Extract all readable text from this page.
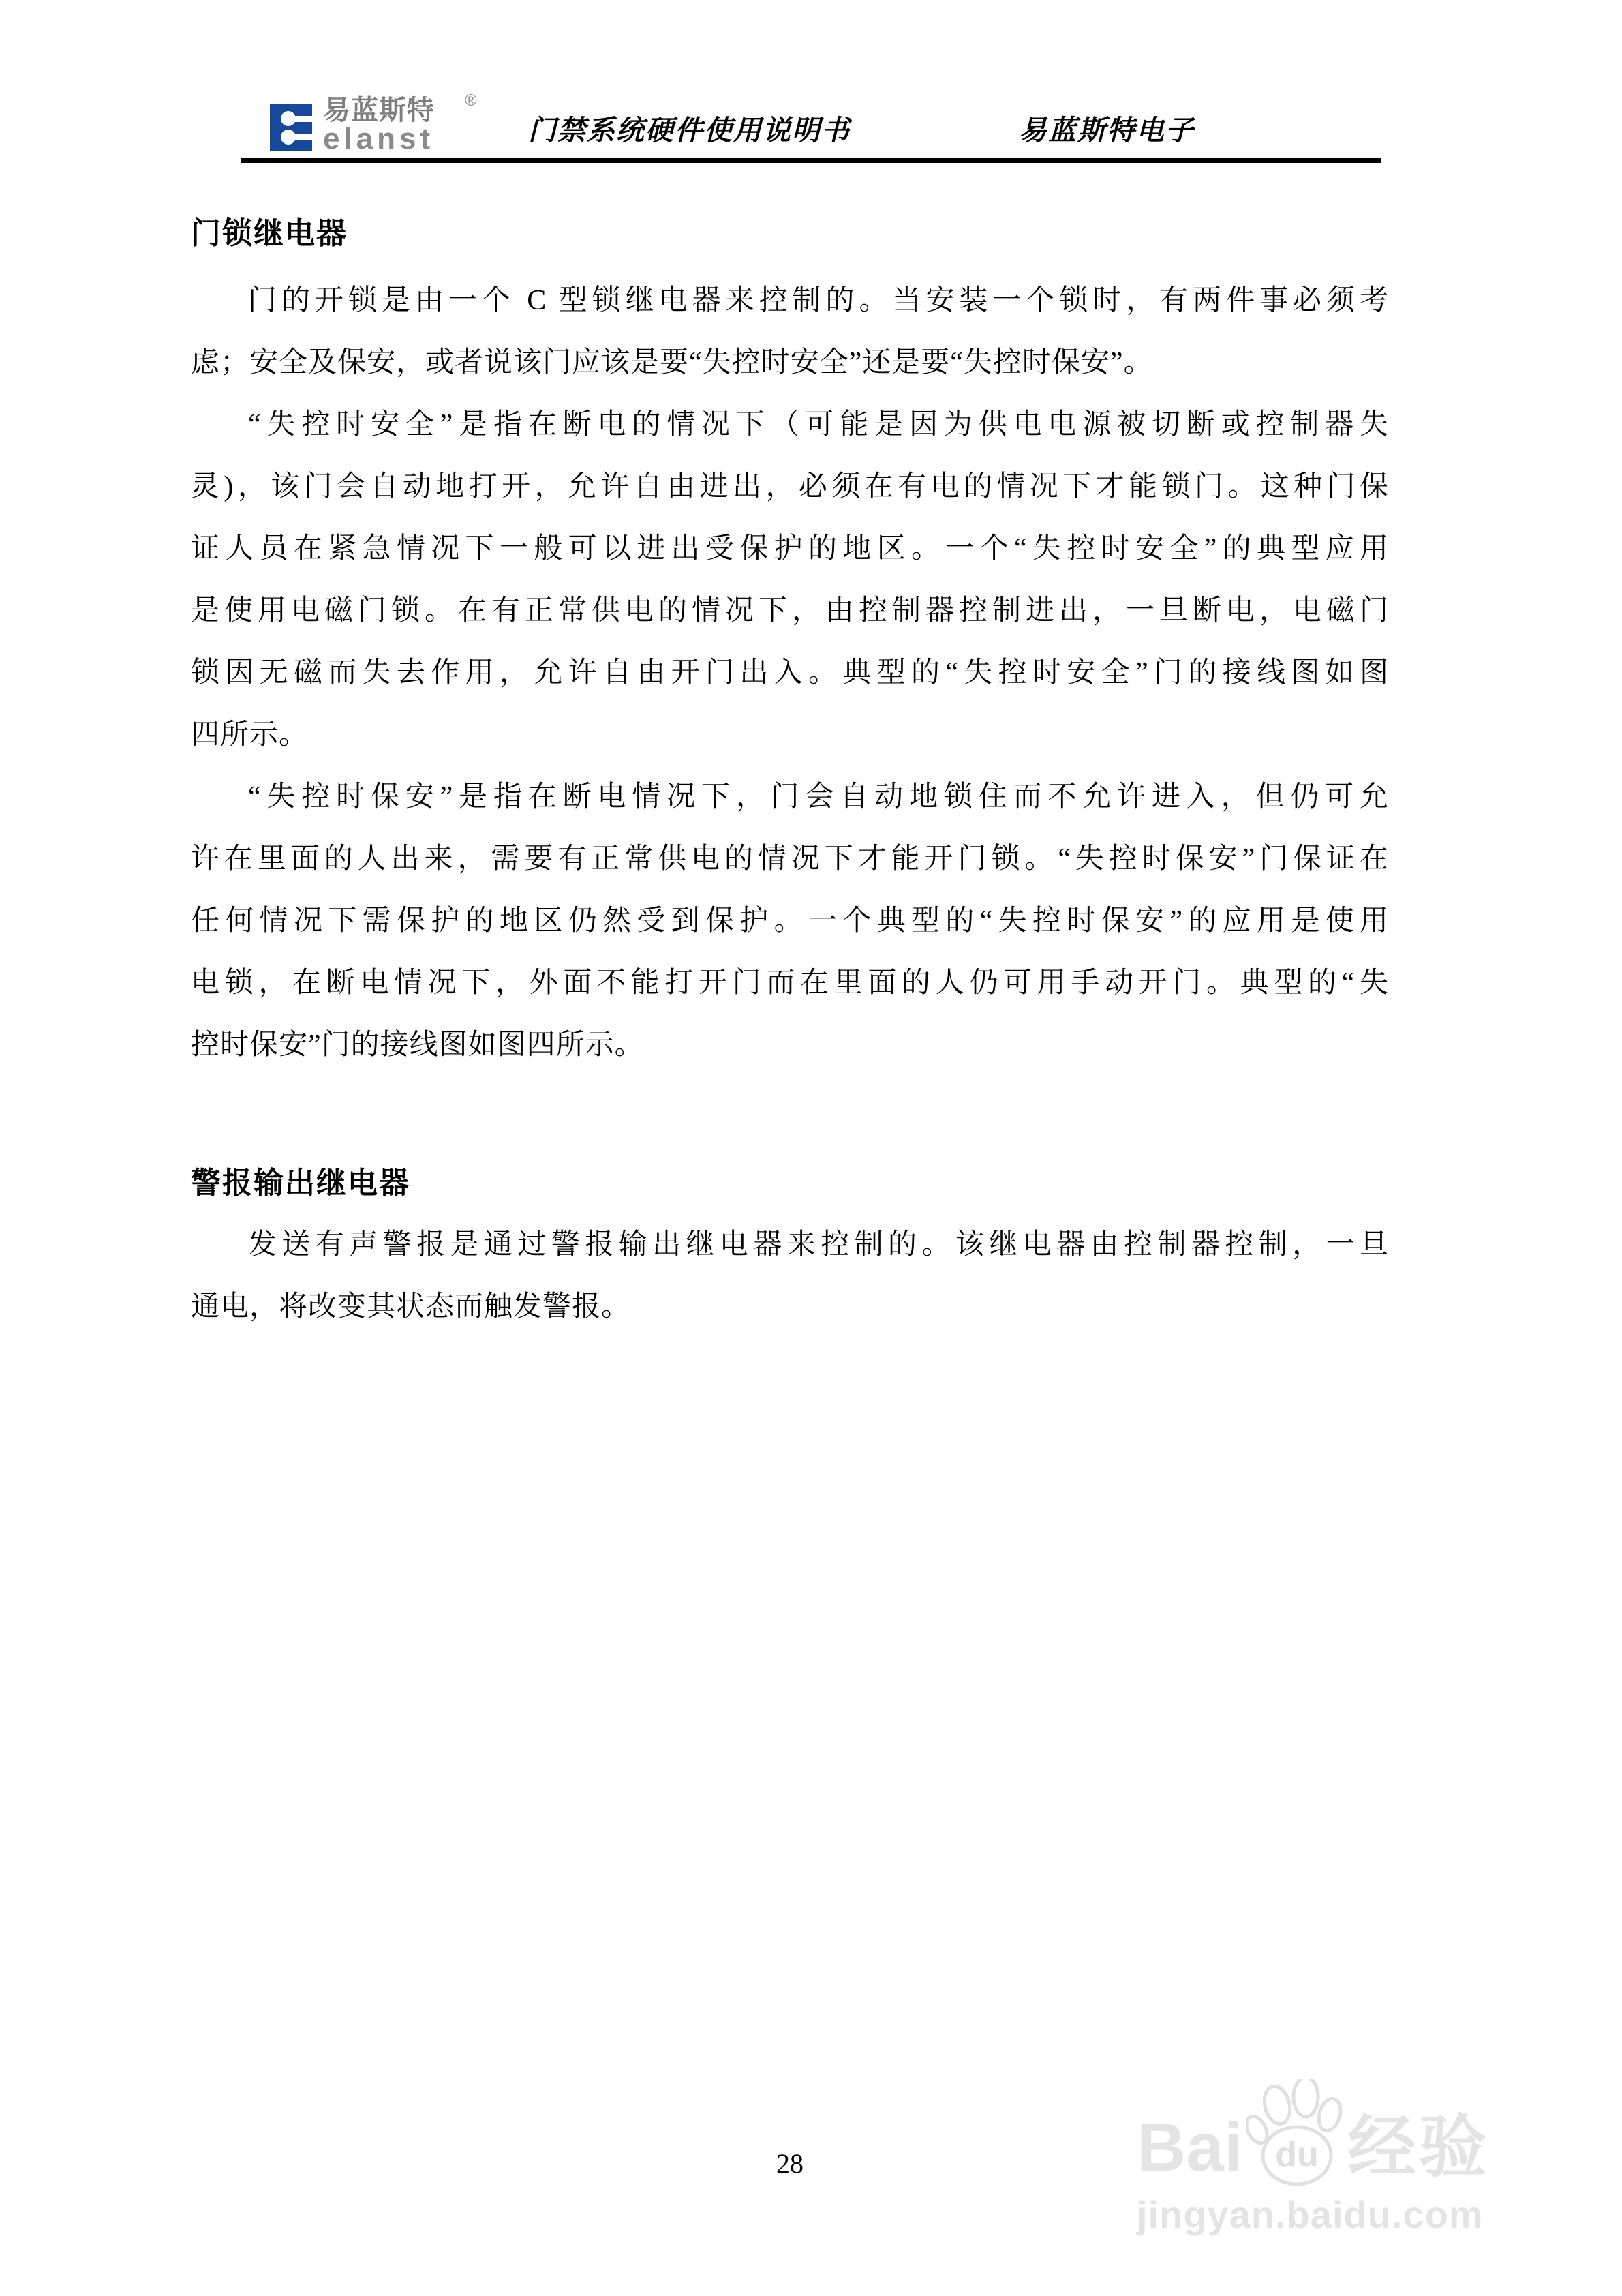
易蓝斯特
elanst
®
门禁系统硬件使用说明书	易蓝斯特电子
门锁继电器
门的开锁是由一个 C 型锁继电器来控制的。当安装一个锁时，有两件事必须考
虑；安全及保安，或者说该门应该是要“失控时安全”还是要“失控时保安”。
“失控时安全”是指在断电的情况下（可能是因为供电电源被切断或控制器失
灵)，该门会自动地打开，允许自由进出，必须在有电的情况下才能锁门。这种门保
证人员在紧急情况下一般可以进出受保护的地区。一个“失控时安全”的典型应用
是使用电磁门锁。在有正常供电的情况下，由控制器控制进出，一旦断电，电磁门
锁因无磁而失去作用，允许自由开门出入。典型的“失控时安全”门的接线图如图
四所示。
“失控时保安”是指在断电情况下，门会自动地锁住而不允许进入，但仍可允
许在里面的人出来，需要有正常供电的情况下才能开门锁。“失控时保安”门保证在
任何情况下需保护的地区仍然受到保护。一个典型的“失控时保安”的应用是使用
电锁，在断电情况下，外面不能打开门而在里面的人仍可用手动开门。典型的“失
控时保安”门的接线图如图四所示。
警报输出继电器
发送有声警报是通过警报输出继电器来控制的。该继电器由控制器控制，一旦
通电，将改变其状态而触发警报。
28	Bai du 经验
jingyan.baidu.com
